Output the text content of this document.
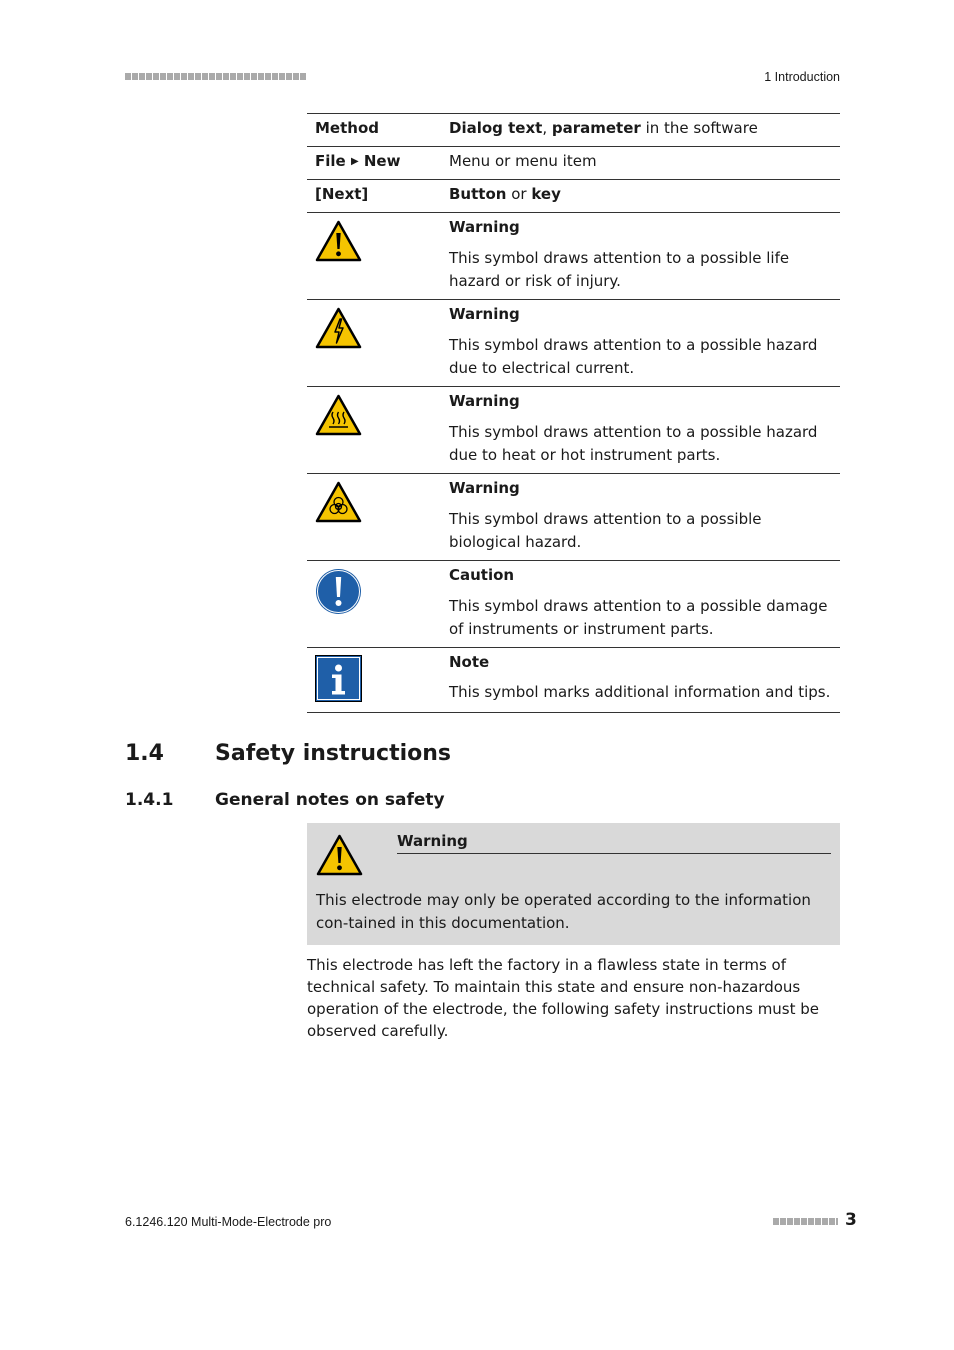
1 Introduction
Method	Dialog text, parameter in the software
File ▶ New	Menu or menu item
[Next]	Button or key

Warning
This symbol draws attention to a possible life hazard or risk of injury.

Warning
This symbol draws attention to a possible hazard due to electrical current.

Warning
This symbol draws attention to a possible hazard due to heat or hot instrument parts.

Warning
This symbol draws attention to a possible biological hazard.

Caution
This symbol draws attention to a possible damage of instruments or instrument parts.

Note
This symbol marks additional information and tips.
1.4	Safety instructions
1.4.1 General notes on safety
Warning
This electrode may only be operated according to the information con-tained in this documentation.
This electrode has left the factory in a flawless state in terms of technical safety. To maintain this state and ensure non-hazardous operation of the electrode, the following safety instructions must be observed carefully.
6.1246.120 Multi-Mode-Electrode pro	3
